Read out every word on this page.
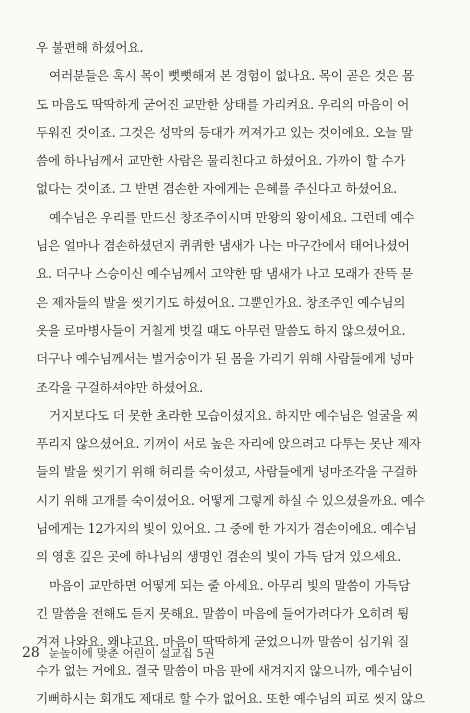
우 불편해 하셨어요.
여러분들은 혹시 목이 뻣뻣해져 본 경험이 없나요. 목이 곧은 것은 몸
도 마음도 딱딱하게 굳어진 교만한 상태를 가리켜요. 우리의 마음이 어
두워진 것이죠. 그것은 성막의 등대가 꺼져가고 있는 것이에요. 오늘 말
씀에 하나님께서 교만한 사람은 물리친다고 하셨어요. 가까이 할 수가
없다는 것이죠. 그 반면 겸손한 자에게는 은혜를 주신다고 하셨어요.
예수님은 우리를 만드신 창조주이시며 만왕의 왕이세요. 그런데 예수
님은 얼마나 겸손하셨던지 퀴퀴한 냄새가 나는 마구간에서 태어나셨어
요. 더구나 스승이신 예수님께서 고약한 땀 냄새가 나고 모래가 잔뜩 묻
은 제자들의 발을 씻기기도 하셨어요. 그뿐인가요. 창조주인 예수님의
옷을 로마병사들이 거칠게 벗길 때도 아무런 말씀도 하지 않으셨어요.
더구나 예수님께서는 벌거숭이가 된 몸을 가리기 위해 사람들에게 넝마
조각을 구걸하셔야만 하셨어요.
거지보다도 더 못한 초라한 모습이셨지요. 하지만 예수님은 얼굴을 찌
푸리지 않으셨어요. 기꺼이 서로 높은 자리에 앉으려고 다투는 못난 제자
들의 발을 씻기기 위해 허리를 숙이셨고, 사람들에게 넝마조각을 구걸하
시기 위해 고개를 숙이셨어요. 어떻게 그렇게 하실 수 있으셨을까요. 예수
님에게는 12가지의 빛이 있어요. 그 중에 한 가지가 겸손이에요. 예수님
의 영혼 깊은 곳에 하나님의 생명인 겸손의 빛이 가득 담겨 있으세요.
마음이 교만하면 어떻게 되는 줄 아세요. 아무리 빛의 말씀이 가득담
긴 말씀을 전해도 듣지 못해요. 말씀이 마음에 들어가려다가 오히려 튕
겨져 나와요. 왜냐고요. 마음이 딱딱하게 굳었으니까 말씀이 심기워 질
수가 없는 거에요. 결국 말씀이 마음 판에 새겨지지 않으니까, 예수님이
기뻐하시는 회개도 제대로 할 수가 없어요. 또한 예수님의 피로 씻지 않으
28 눈높이에 맞춘 어린이 설교집 5권
